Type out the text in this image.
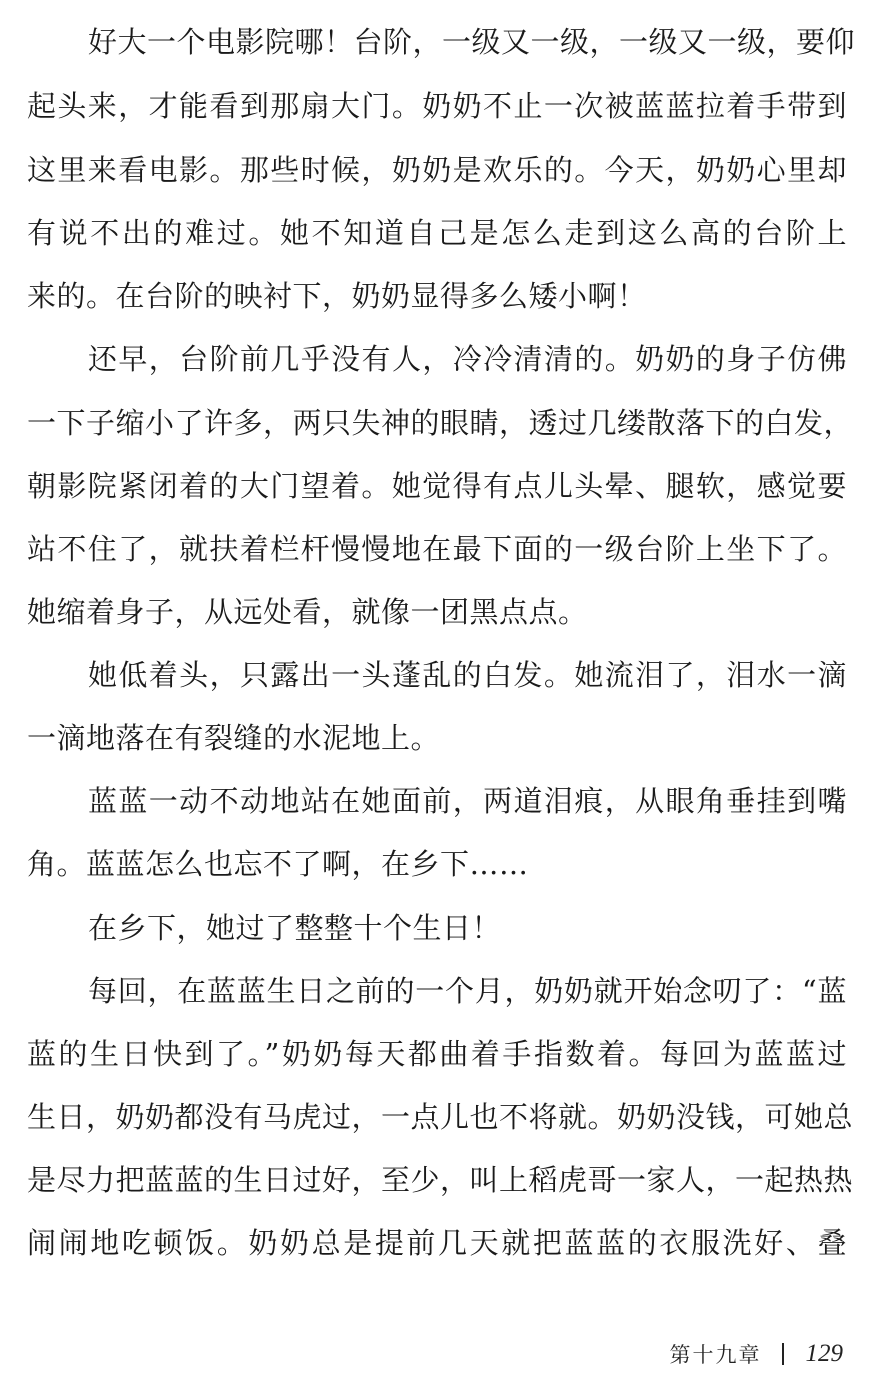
好大一个电影院哪！台阶，一级又一级，一级又一级，要仰
起头来，才能看到那扇大门。奶奶不止一次被蓝蓝拉着手带到
这里来看电影。那些时候，奶奶是欢乐的。今天，奶奶心里却
有说不出的难过。她不知道自己是怎么走到这么高的台阶上
来的。在台阶的映衬下，奶奶显得多么矮小啊！
还早，台阶前几乎没有人，冷冷清清的。奶奶的身子仿佛
一下子缩小了许多，两只失神的眼睛，透过几缕散落下的白发，
朝影院紧闭着的大门望着。她觉得有点儿头晕、腿软，感觉要
站不住了，就扶着栏杆慢慢地在最下面的一级台阶上坐下了。
她缩着身子，从远处看，就像一团黑点点。
她低着头，只露出一头蓬乱的白发。她流泪了，泪水一滴
一滴地落在有裂缝的水泥地上。
蓝蓝一动不动地站在她面前，两道泪痕，从眼角垂挂到嘴
角。蓝蓝怎么也忘不了啊，在乡下……
在乡下，她过了整整十个生日！
每回，在蓝蓝生日之前的一个月，奶奶就开始念叨了：“蓝
蓝的生日快到了。”奶奶每天都曲着手指数着。每回为蓝蓝过
生日，奶奶都没有马虎过，一点儿也不将就。奶奶没钱，可她总
是尽力把蓝蓝的生日过好，至少，叫上稻虎哥一家人，一起热热
闹闹地吃顿饭。奶奶总是提前几天就把蓝蓝的衣服洗好、叠
第十九章 129
